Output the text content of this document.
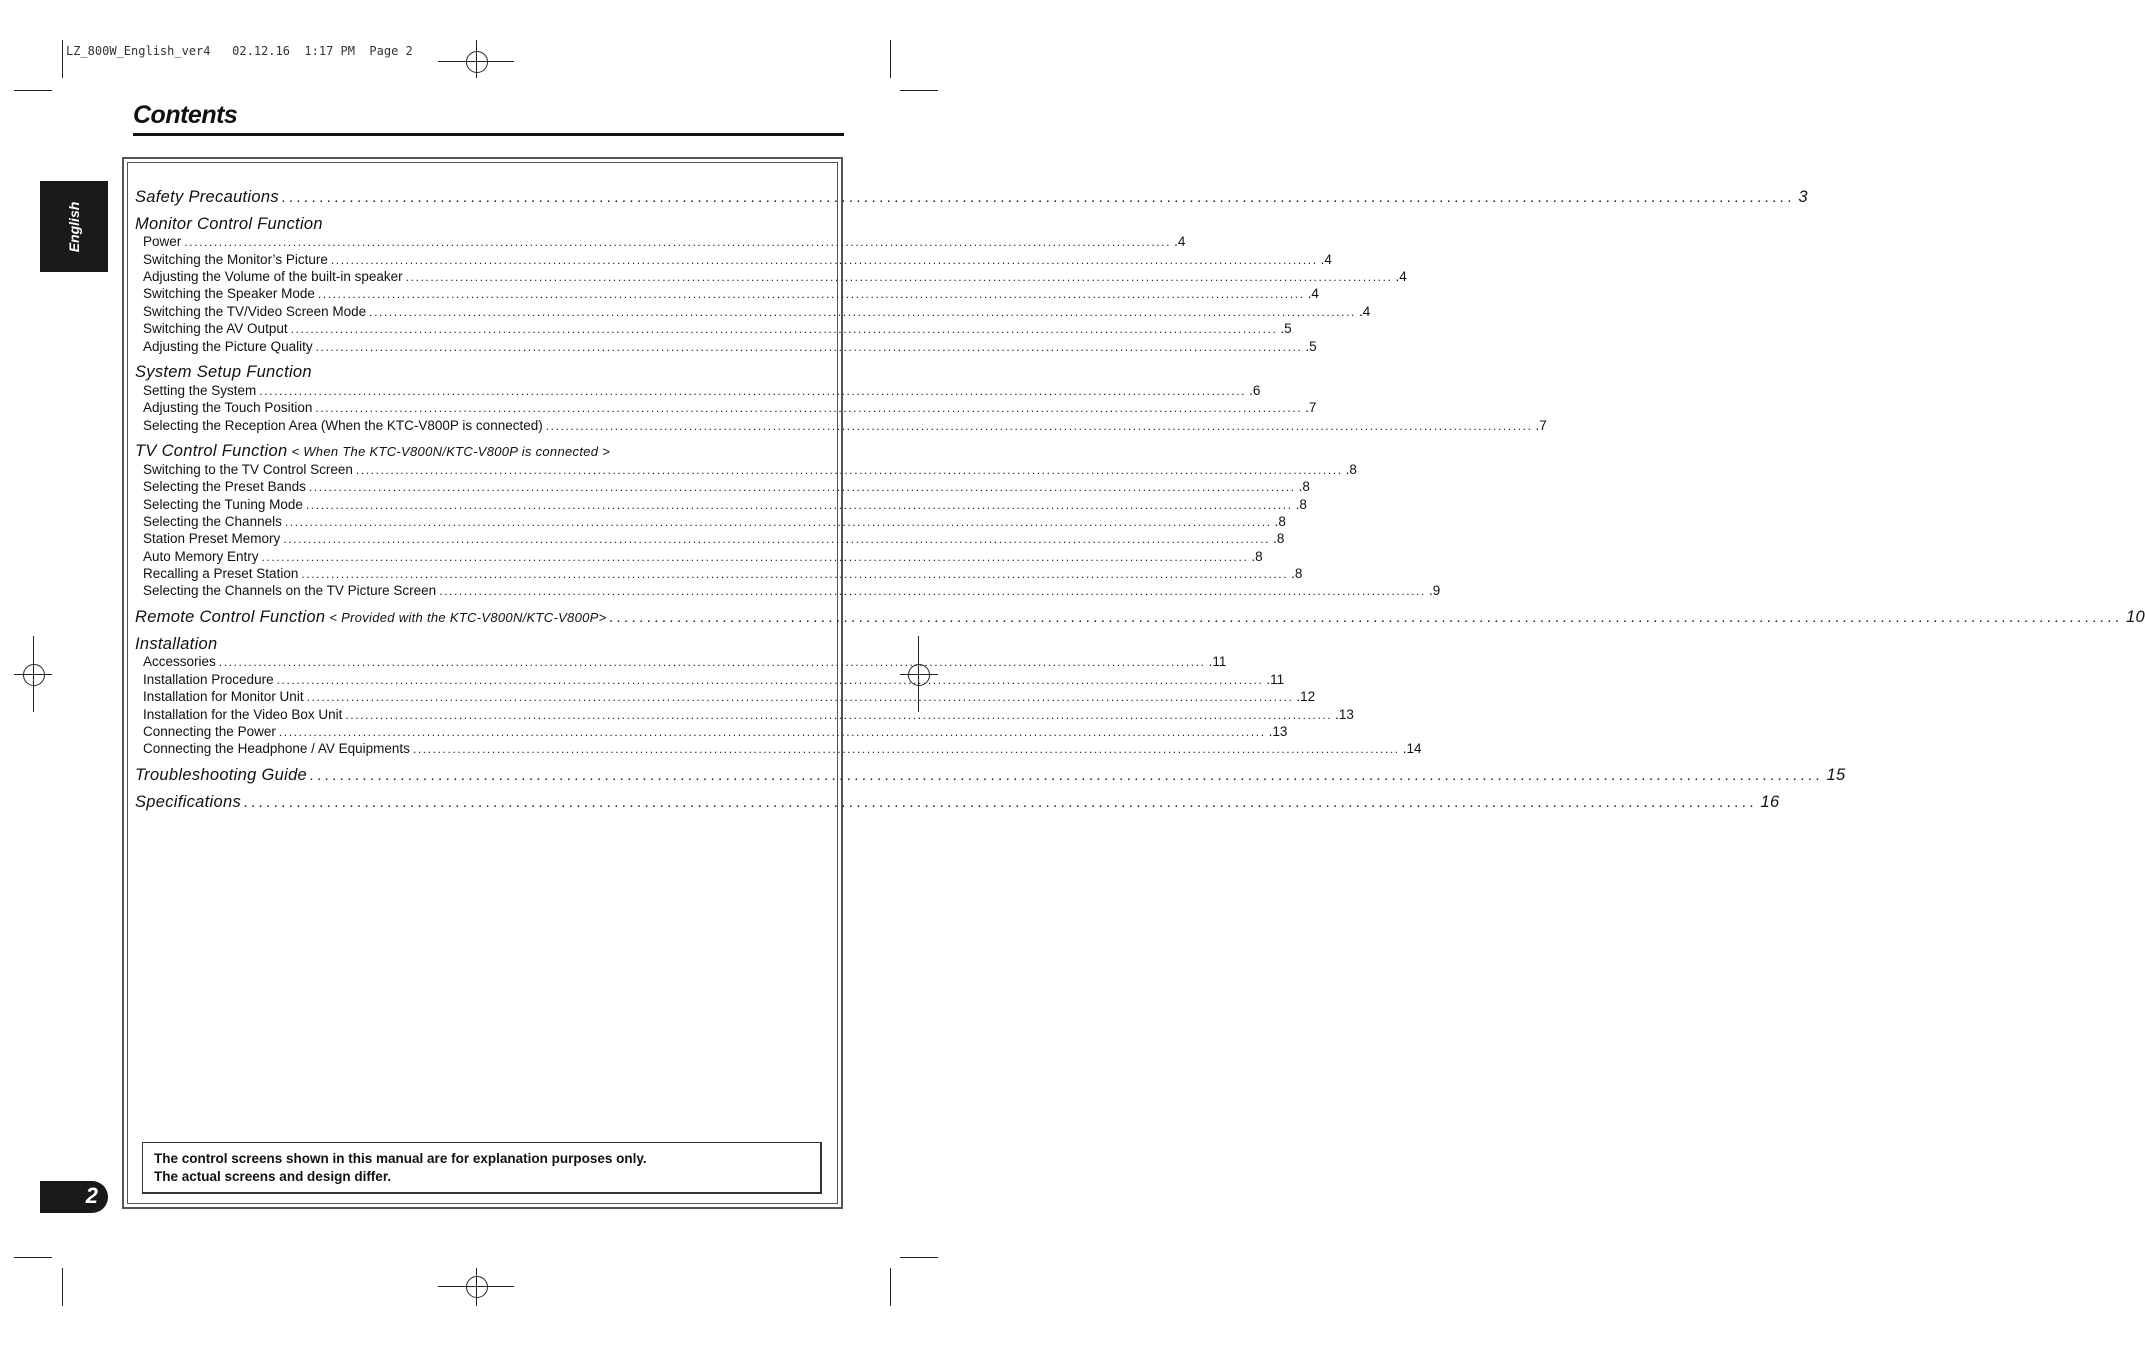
LZ_800W_English_ver4   02.12.16  1:17 PM  Page 2
Contents
English
Safety Precautions ........................................................................................................................................................................................................ 3
Monitor Control Function
Power ........................................................................................................................................................................................................ .4
Switching the Monitor’s Picture ........................................................................................................................................................................................................ .4
Adjusting the Volume of the built-in speaker ........................................................................................................................................................................................................ .4
Switching the Speaker Mode ........................................................................................................................................................................................................ .4
Switching the TV/Video Screen Mode ........................................................................................................................................................................................................ .4
Switching the AV Output ........................................................................................................................................................................................................ .5
Adjusting the Picture Quality ........................................................................................................................................................................................................ .5
System Setup Function
Setting the System ........................................................................................................................................................................................................ .6
Adjusting the Touch Position ........................................................................................................................................................................................................ .7
Selecting the Reception Area (When the KTC-V800P is connected) ........................................................................................................................................................................................................ .7
TV Control Function < When The KTC-V800N/KTC-V800P is connected >
Switching to the TV Control Screen ........................................................................................................................................................................................................ .8
Selecting the Preset Bands ........................................................................................................................................................................................................ .8
Selecting the Tuning Mode ........................................................................................................................................................................................................ .8
Selecting the Channels ........................................................................................................................................................................................................ .8
Station Preset Memory ........................................................................................................................................................................................................ .8
Auto Memory Entry ........................................................................................................................................................................................................ .8
Recalling a Preset Station ........................................................................................................................................................................................................ .8
Selecting the Channels on the TV Picture Screen ........................................................................................................................................................................................................ .9
Remote Control Function < Provided with the KTC-V800N/KTC-V800P> ........................................................................................................................................................................................................ 10
Installation
Accessories ........................................................................................................................................................................................................ .11
Installation Procedure ........................................................................................................................................................................................................ .11
Installation for Monitor Unit ........................................................................................................................................................................................................ .12
Installation for the Video Box Unit ........................................................................................................................................................................................................ .13
Connecting the Power ........................................................................................................................................................................................................ .13
Connecting the Headphone / AV Equipments ........................................................................................................................................................................................................ .14
Troubleshooting Guide ........................................................................................................................................................................................................ 15
Specifications ........................................................................................................................................................................................................ 16
The control screens shown in this manual are for explanation purposes only.
The actual screens and design differ.
2
